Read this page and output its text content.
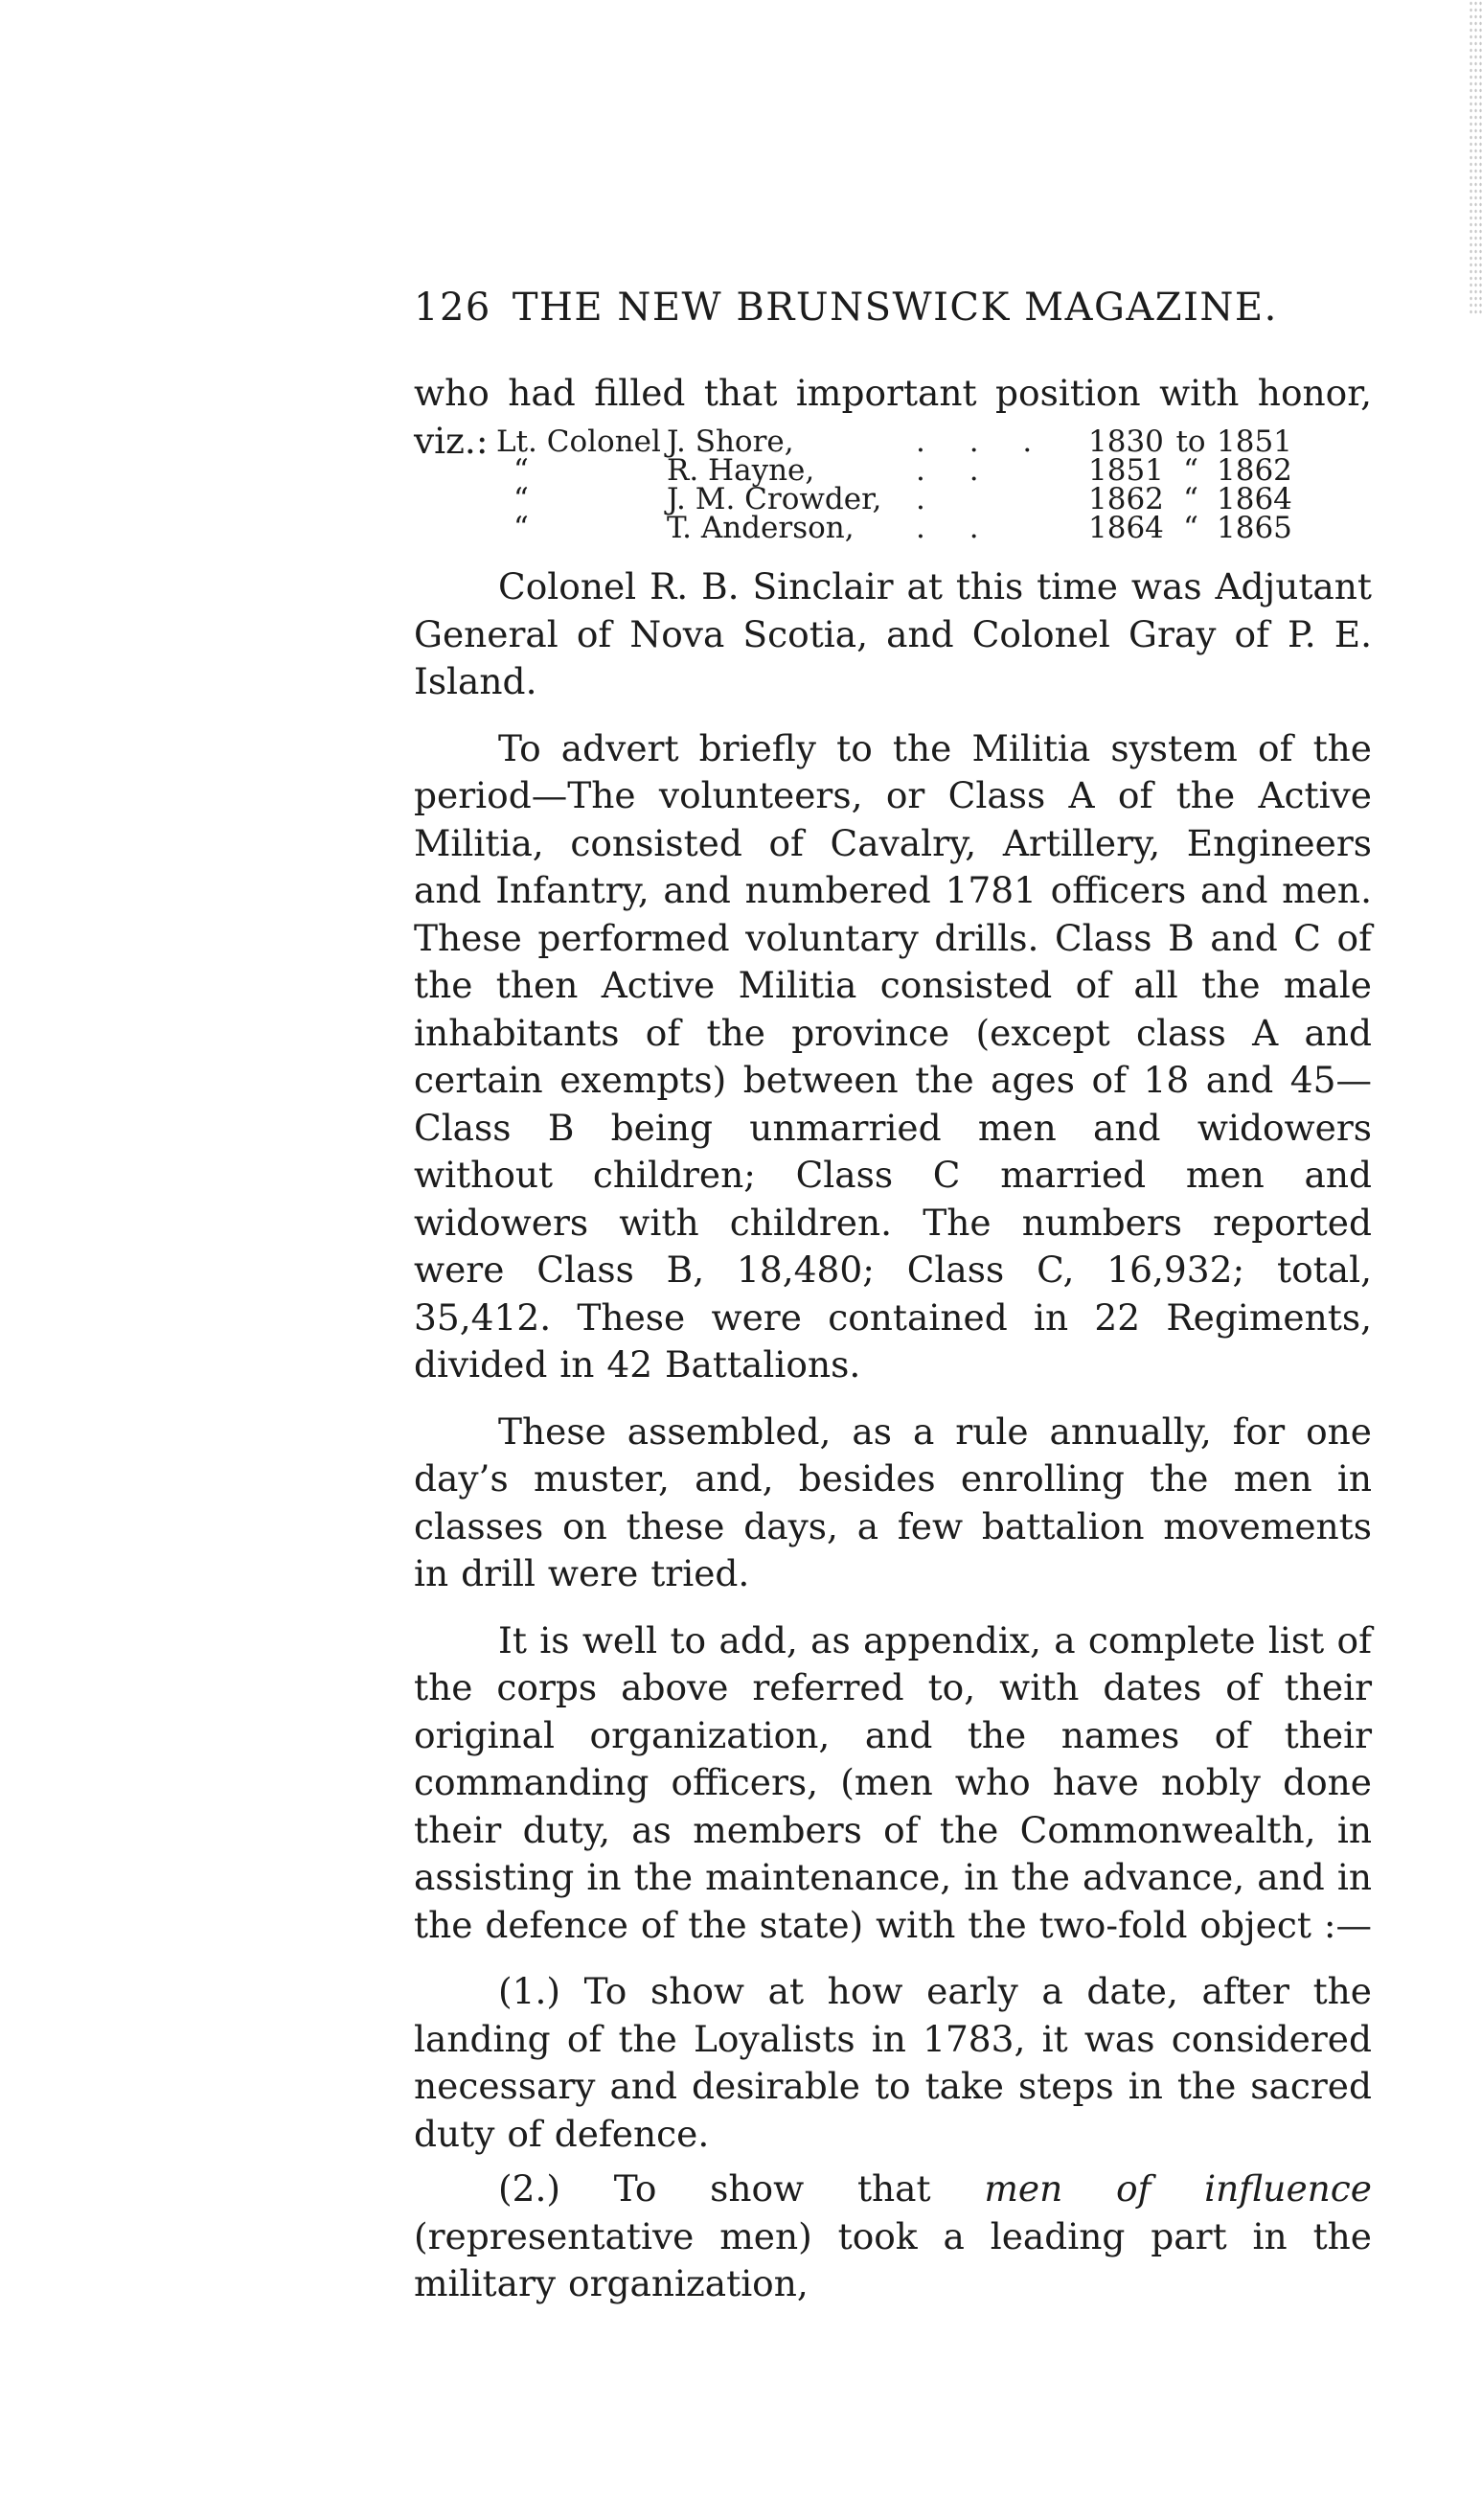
126 THE NEW BRUNSWICK MAGAZINE.

who had filled that important position with honor, viz.: Lt. Colonel	J. Shore,	. . .	1830	to	1851
“	R. Hayne,	. .	1851	“	1862
“	J. M. Crowder,	.	1862	“	1864
“	T. Anderson,	. .	1864	“	1865

Colonel R. B. Sinclair at this time was Adjutant General of Nova Scotia, and Colonel Gray of P. E. Island.

To advert briefly to the Militia system of the period—The volunteers, or Class A of the Active Militia, consisted of Cavalry, Artillery, Engineers and Infantry, and numbered 1781 officers and men. These performed voluntary drills. Class B and C of the then Active Militia consisted of all the male inhabitants of the province (except class A and certain exempts) between the ages of 18 and 45—Class B being unmarried men and widowers without children; Class C married men and widowers with children. The numbers reported were Class B, 18,480; Class C, 16,932; total, 35,412. These were contained in 22 Regiments, divided in 42 Battalions.

These assembled, as a rule annually, for one day’s muster, and, besides enrolling the men in classes on these days, a few battalion movements in drill were tried.

It is well to add, as appendix, a complete list of the corps above referred to, with dates of their original organization, and the names of their commanding officers, (men who have nobly done their duty, as members of the Commonwealth, in assisting in the maintenance, in the advance, and in the defence of the state) with the two-fold object :—

(1.) To show at how early a date, after the landing of the Loyalists in 1783, it was considered necessary and desirable to take steps in the sacred duty of defence.

(2.) To show that men of influence (representative men) took a leading part in the military organization,
